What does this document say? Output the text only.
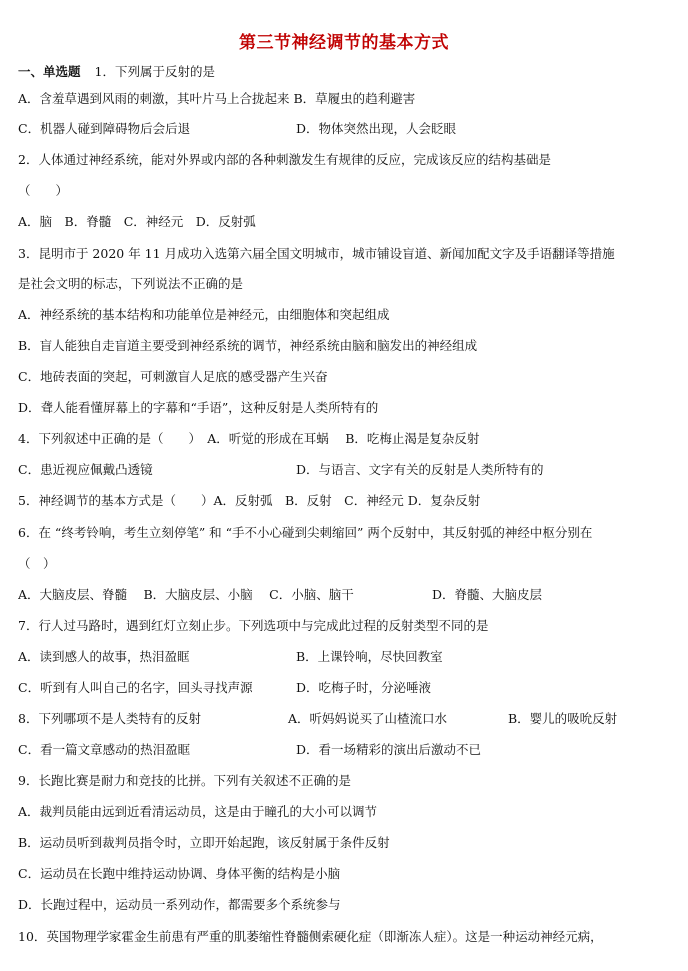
第三节神经调节的基本方式
一、单选题 1．下列属于反射的是
A．含羞草遇到风雨的刺激，其叶片马上合拢起来 B．草履虫的趋利避害
C．机器人碰到障碍物后会后退	D．物体突然出现，人会眨眼
2．人体通过神经系统，能对外界或内部的各种刺激发生有规律的反应，完成该反应的结构基础是
（　　）
A．脑　B．脊髓　C．神经元　D．反射弧
3．昆明市于 2020 年 11 月成功入选第六届全国文明城市，城市铺设盲道、新闻加配文字及手语翻译等措施
是社会文明的标志，下列说法不正确的是
A．神经系统的基本结构和功能单位是神经元，由细胞体和突起组成
B．盲人能独自走盲道主要受到神经系统的调节，神经系统由脑和脑发出的神经组成
C．地砖表面的突起，可刺激盲人足底的感受器产生兴奋
D．聋人能看懂屏幕上的字幕和“手语”，这种反射是人类所特有的
4．下列叙述中正确的是（　　）　A．听觉的形成在耳蜗　 B．吃梅止渴是复杂反射
C．患近视应佩戴凸透镜	D．与语言、文字有关的反射是人类所特有的
5．神经调节的基本方式是（　　）A．反射弧　B．反射　C．神经元 D．复杂反射
6．在 “终考铃响，考生立刻停笔” 和 “手不小心碰到尖刺缩回” 两个反射中，其反射弧的神经中枢分别在
（　）
A．大脑皮层、脊髓　 B．大脑皮层、小脑　 C．小脑、脑干	D．脊髓、大脑皮层
7．行人过马路时，遇到红灯立刻止步。下列选项中与完成此过程的反射类型不同的是
A．读到感人的故事，热泪盈眶	B．上课铃响，尽快回教室
C．听到有人叫自己的名字，回头寻找声源	D．吃梅子时，分泌唾液
8．下列哪项不是人类特有的反射	A．听妈妈说买了山楂流口水	B．婴儿的吸吮反射
C．看一篇文章感动的热泪盈眶	D．看一场精彩的演出后激动不已
9．长跑比赛是耐力和竞技的比拼。下列有关叙述不正确的是
A．裁判员能由远到近看清运动员，这是由于瞳孔的大小可以调节
B．运动员听到裁判员指令时，立即开始起跑，该反射属于条件反射
C．运动员在长跑中维持运动协调、身体平衡的结构是小脑
D．长跑过程中，运动员一系列动作，都需要多个系统参与
10．英国物理学家霍金生前患有严重的肌萎缩性脊髓侧索硬化症（即渐冻人症）。这是一种运动神经元病，
